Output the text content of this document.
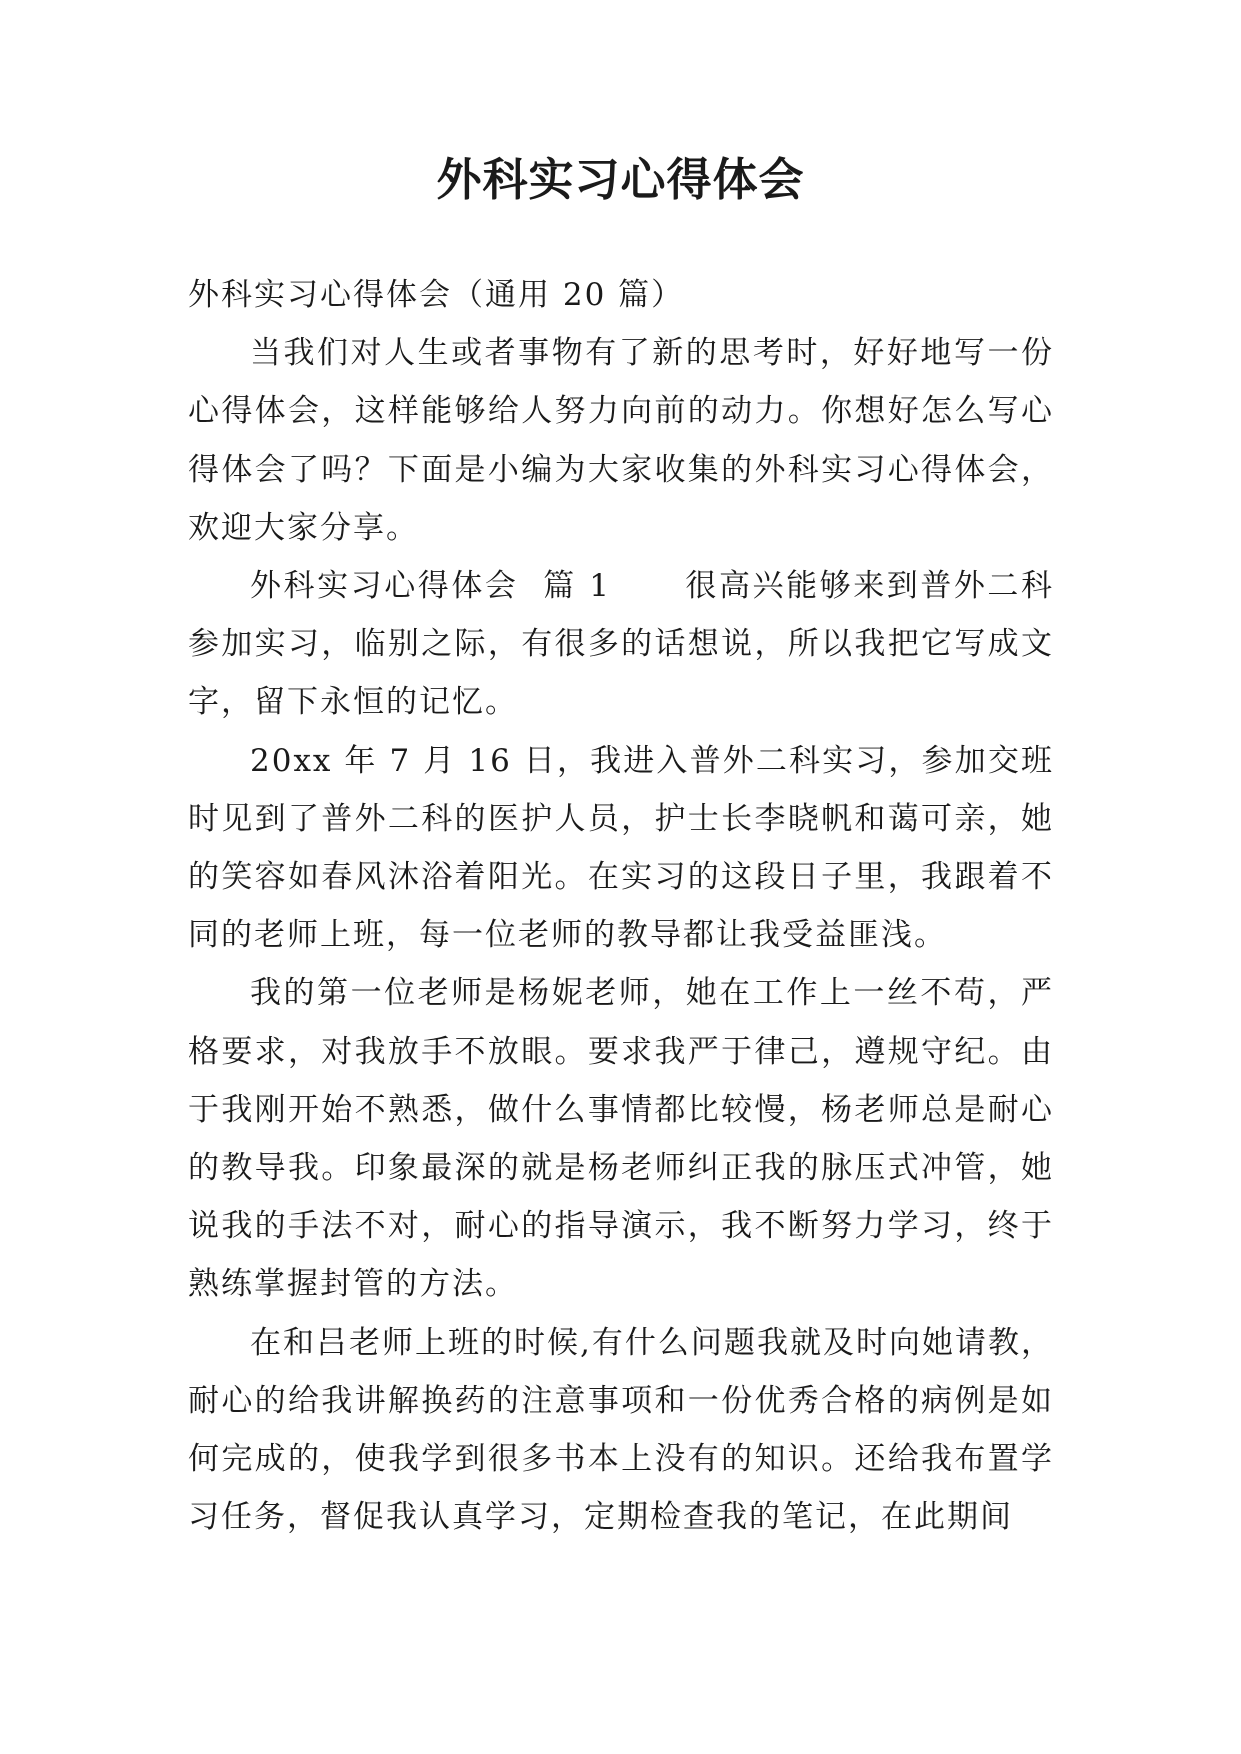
外科实习心得体会

外科实习心得体会（通用 20 篇）

当我们对人生或者事物有了新的思考时，好好地写一份心得体会，这样能够给人努力向前的动力。你想好怎么写心得体会了吗？下面是小编为大家收集的外科实习心得体会，欢迎大家分享。

外科实习心得体会  篇 1      很高兴能够来到普外二科参加实习，临别之际，有很多的话想说，所以我把它写成文字，留下永恒的记忆。

20xx 年 7 月 16 日，我进入普外二科实习，参加交班时见到了普外二科的医护人员，护士长李晓帆和蔼可亲，她的笑容如春风沐浴着阳光。在实习的这段日子里，我跟着不同的老师上班，每一位老师的教导都让我受益匪浅。

我的第一位老师是杨妮老师，她在工作上一丝不苟，严格要求，对我放手不放眼。要求我严于律己，遵规守纪。由于我刚开始不熟悉，做什么事情都比较慢，杨老师总是耐心的教导我。印象最深的就是杨老师纠正我的脉压式冲管，她说我的手法不对，耐心的指导演示，我不断努力学习，终于熟练掌握封管的方法。

在和吕老师上班的时候,有什么问题我就及时向她请教，耐心的给我讲解换药的注意事项和一份优秀合格的病例是如何完成的，使我学到很多书本上没有的知识。还给我布置学习任务，督促我认真学习，定期检查我的笔记，在此期间
